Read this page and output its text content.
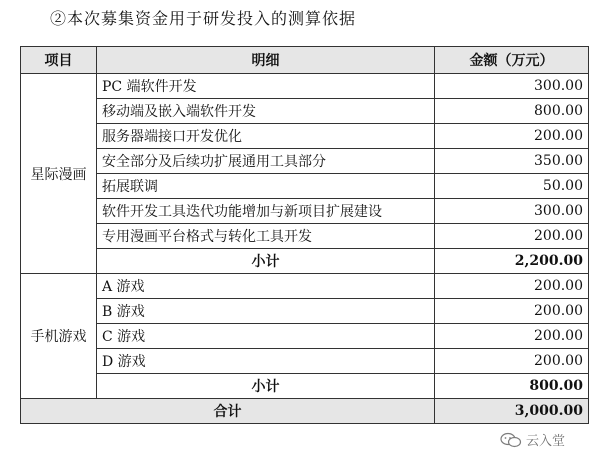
②本次募集资金用于研发投入的测算依据
项目	明细	金额（万元）
星际漫画	PC 端软件开发	300.00
	移动端及嵌入端软件开发	800.00
	服务器端接口开发优化	200.00
	安全部分及后续功扩展通用工具部分	350.00
	拓展联调	50.00
	软件开发工具迭代功能增加与新项目扩展建设	300.00
	专用漫画平台格式与转化工具开发	200.00
	小计	2,200.00
手机游戏	A 游戏	200.00
	B 游戏	200.00
	C 游戏	200.00
	D 游戏	200.00
	小计	800.00
合计		3,000.00
云入堂
